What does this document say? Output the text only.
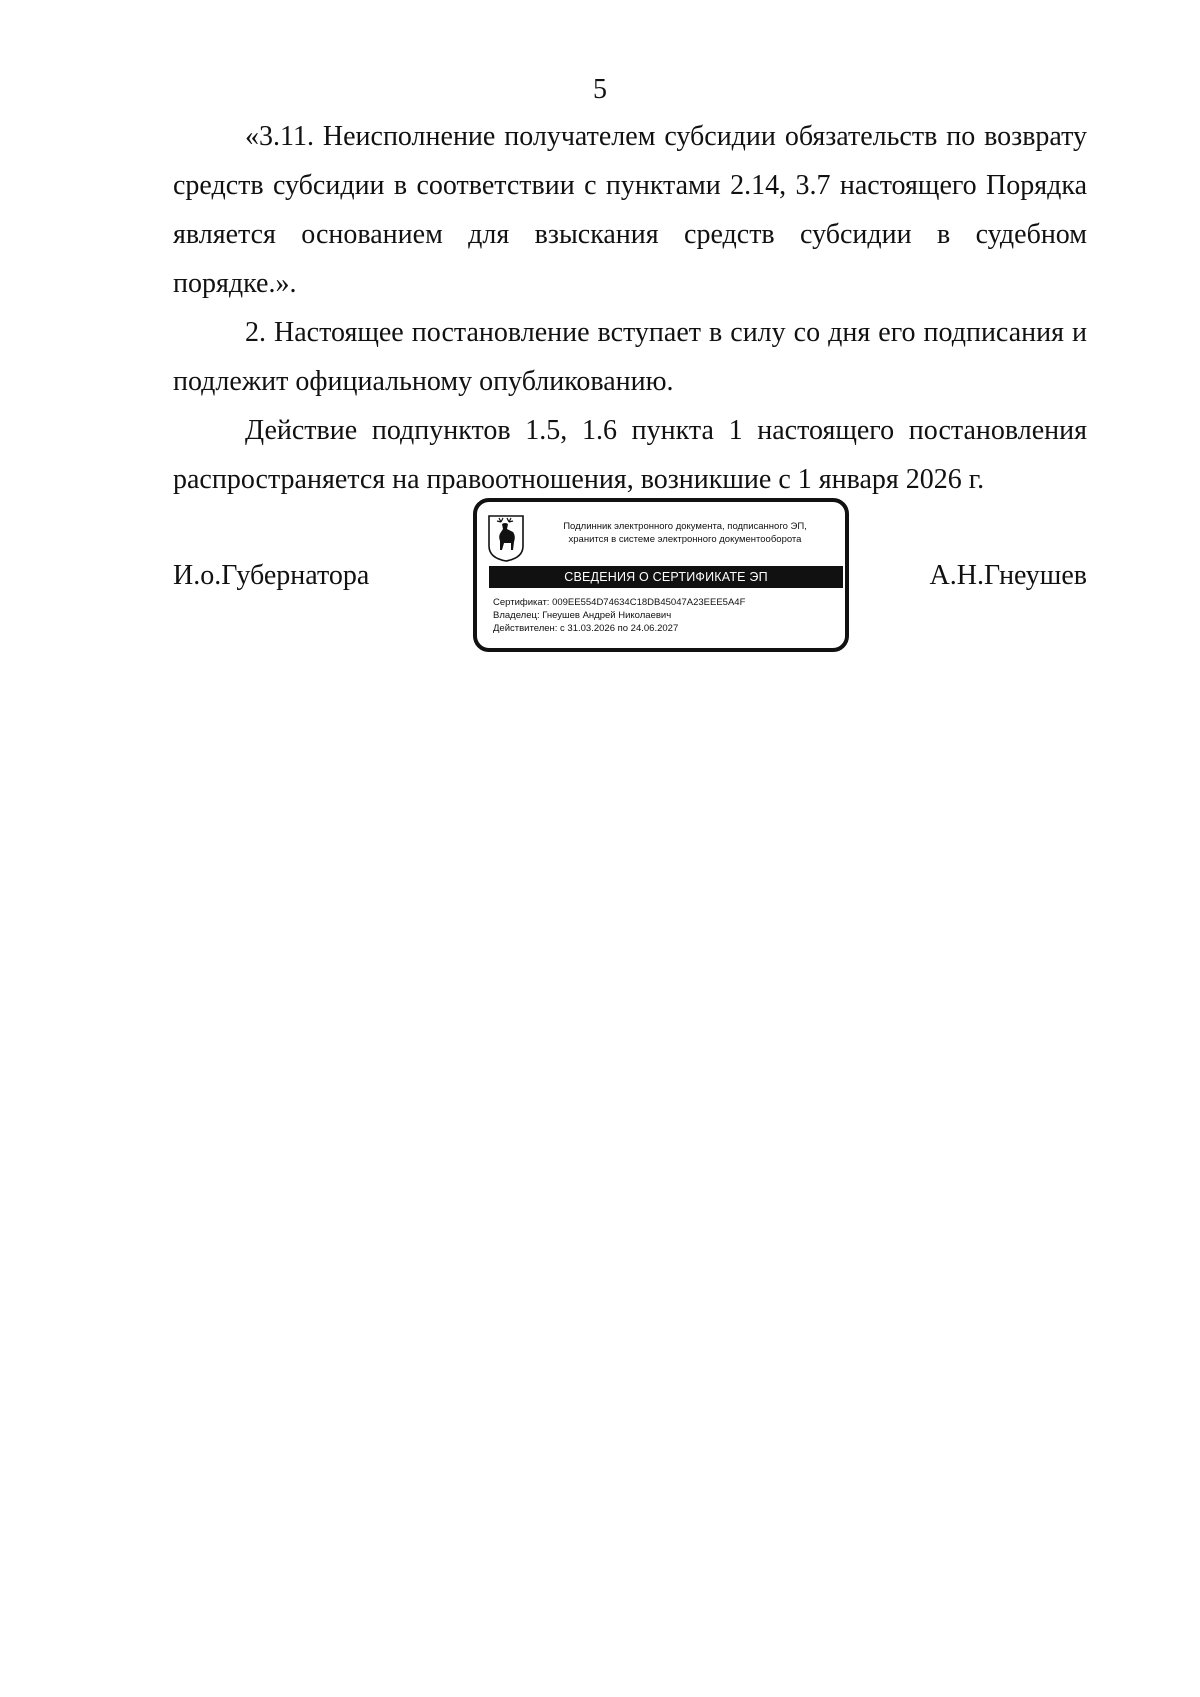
5

«3.11. Неисполнение получателем субсидии обязательств по возврату средств субсидии в соответствии с пунктами 2.14, 3.7 настоящего Порядка является основанием для взыскания средств субсидии в судебном порядке.».

2. Настоящее постановление вступает в силу со дня его подписания и подлежит официальному опубликованию.

Действие подпунктов 1.5, 1.6 пункта 1 настоящего постановления распространяется на правоотношения, возникшие с 1 января 2026 г.

И.о.Губернатора
Подлинник электронного документа, подписанного ЭП,
хранится в системе электронного документооборота
СВЕДЕНИЯ О СЕРТИФИКАТЕ ЭП
Сертификат: 009EE554D74634C18DB45047A23EEE5A4F
Владелец: Гнеушев Андрей Николаевич
Действителен: с 31.03.2026 по 24.06.2027
А.Н.Гнеушев
